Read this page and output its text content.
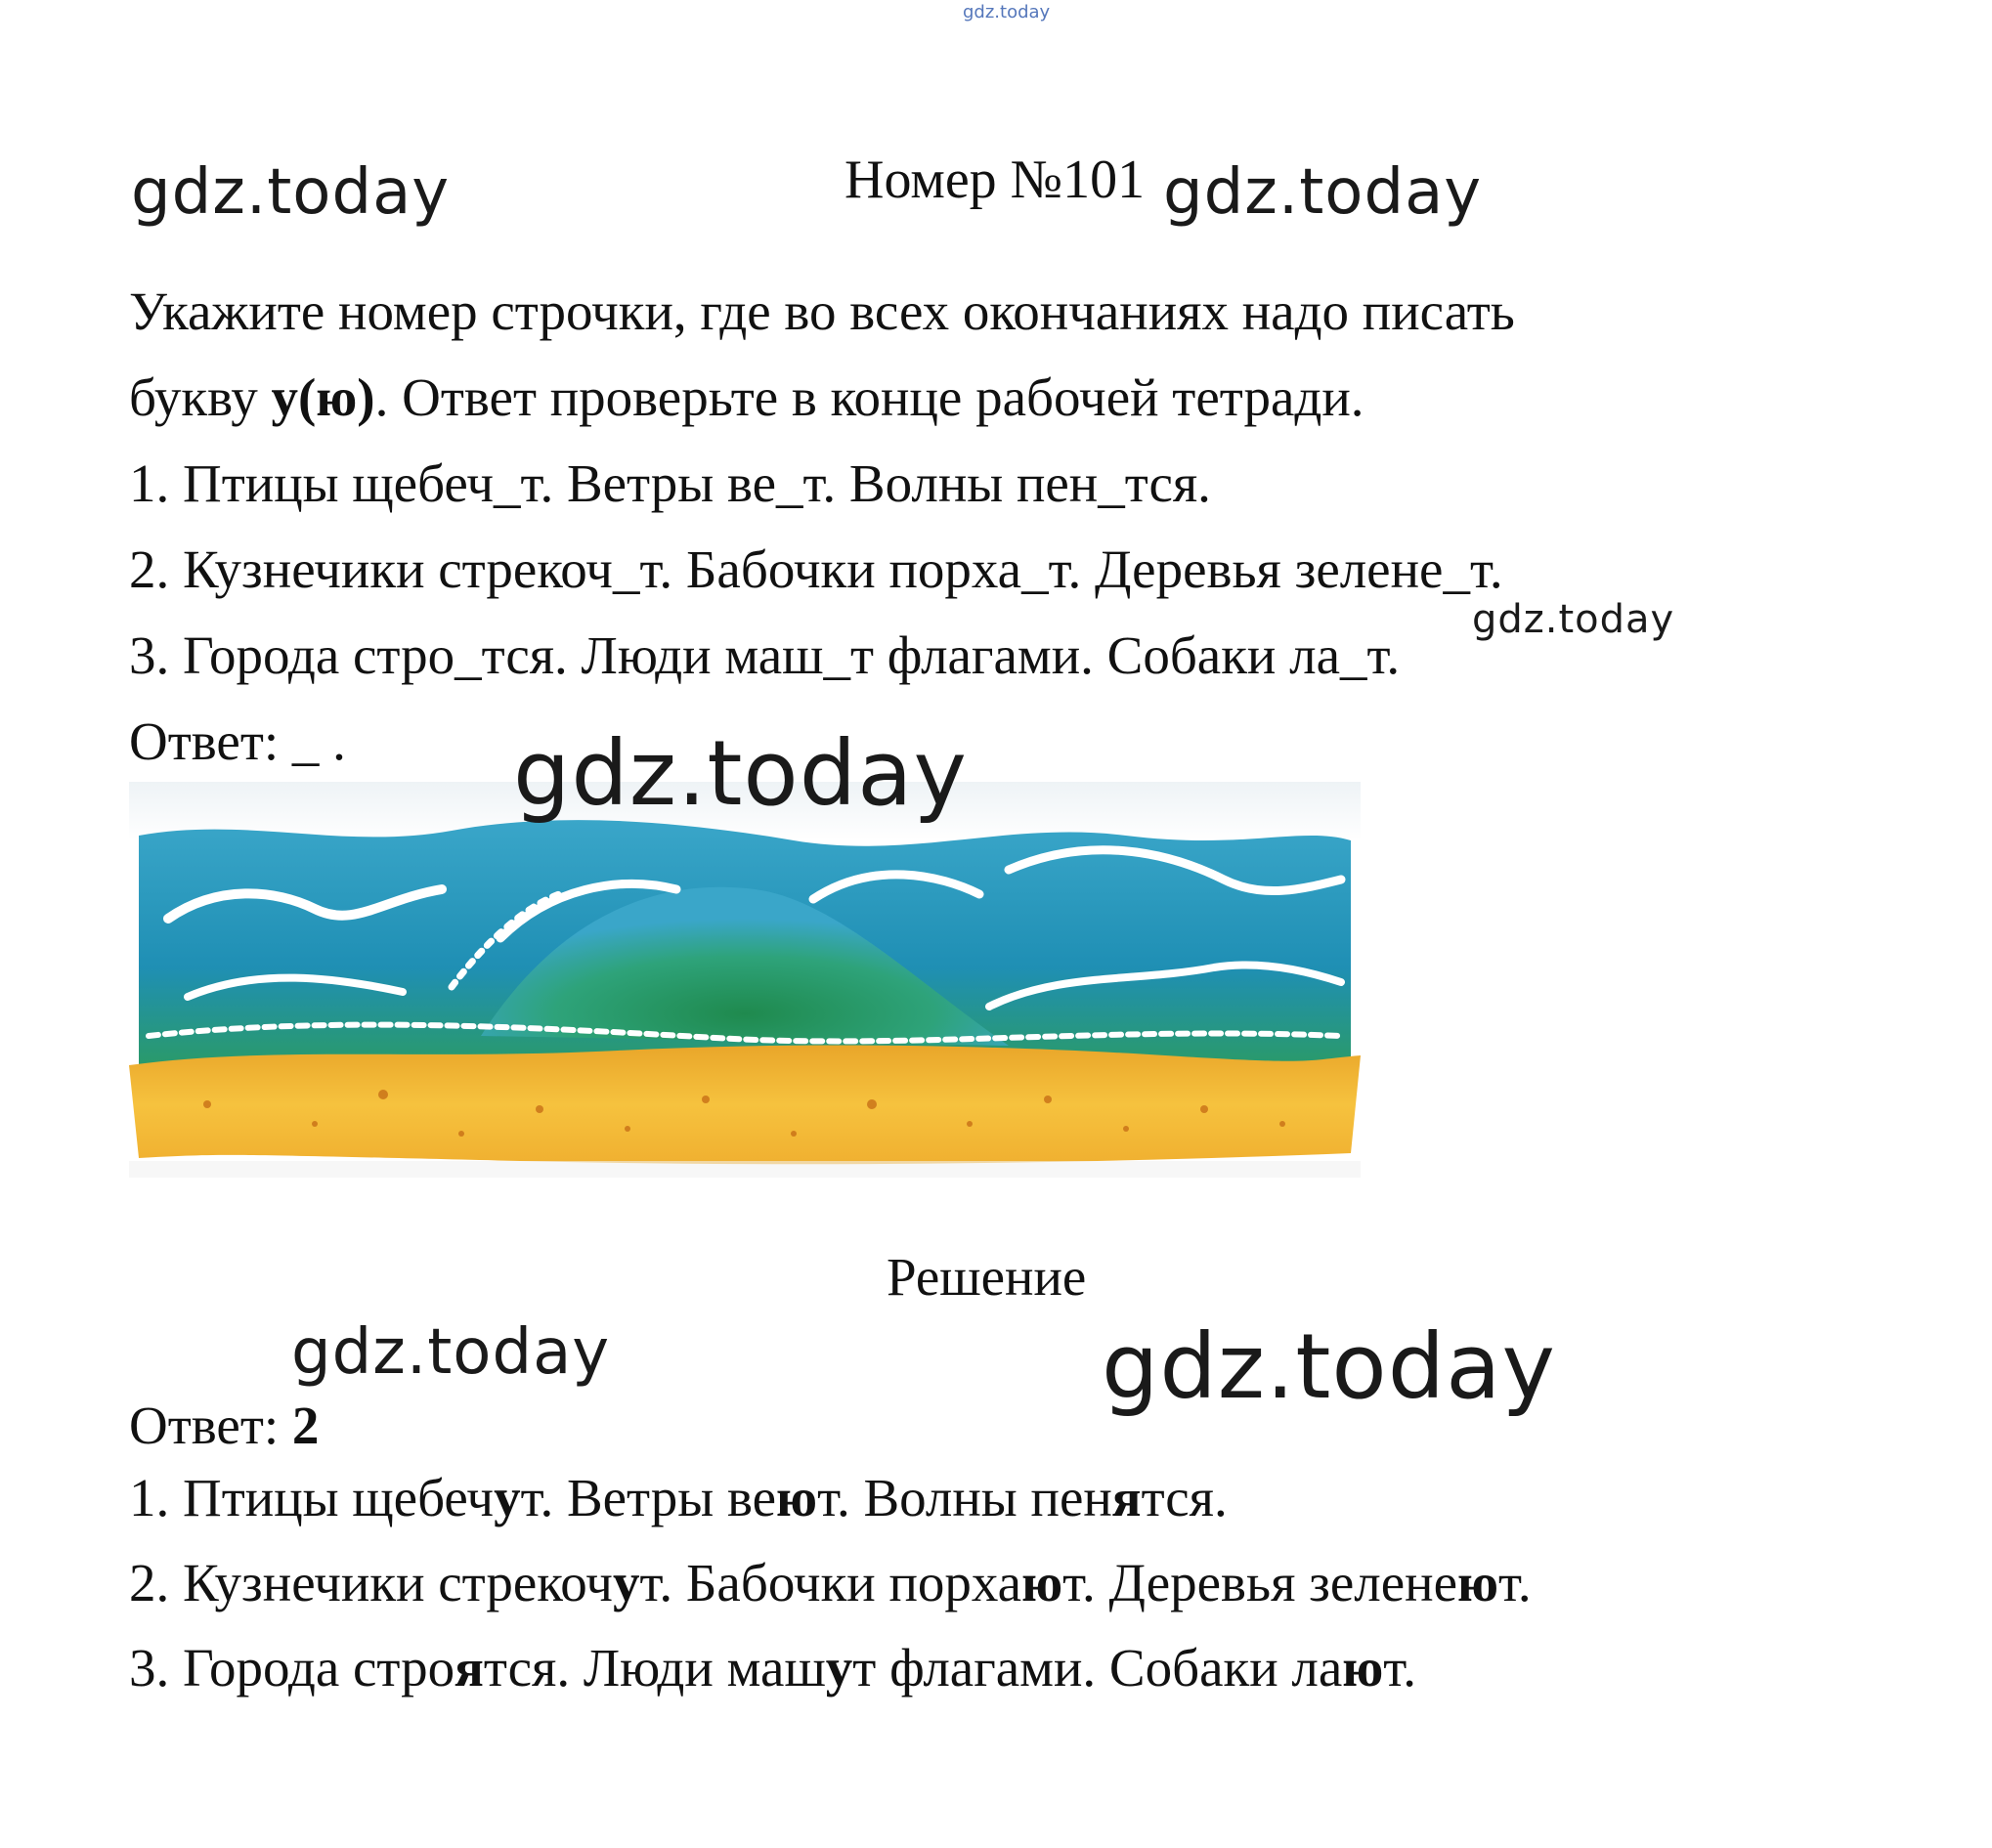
gdz.today
gdz.today	gdz.today
Номер №101
Укажите номер строчки, где во всех окончаниях надо писать
букву у(ю). Ответ проверьте в конце рабочей тетради.
1. Птицы щебеч_т. Ветры ве_т. Волны пен_тся.
2. Кузнечики стрекоч_т. Бабочки порха_т. Деревья зелене_т.
3. Города стро_тся. Люди маш_т флагами. Собаки ла_т.
Ответ: _ .
gdz.today
gdz.today
Решение
gdz.today	gdz.today
Ответ: 2
1. Птицы щебечут. Ветры веют. Волны пенятся.
2. Кузнечики стрекочут. Бабочки порхают. Деревья зеленеют.
3. Города строятся. Люди машут флагами. Собаки лают.
